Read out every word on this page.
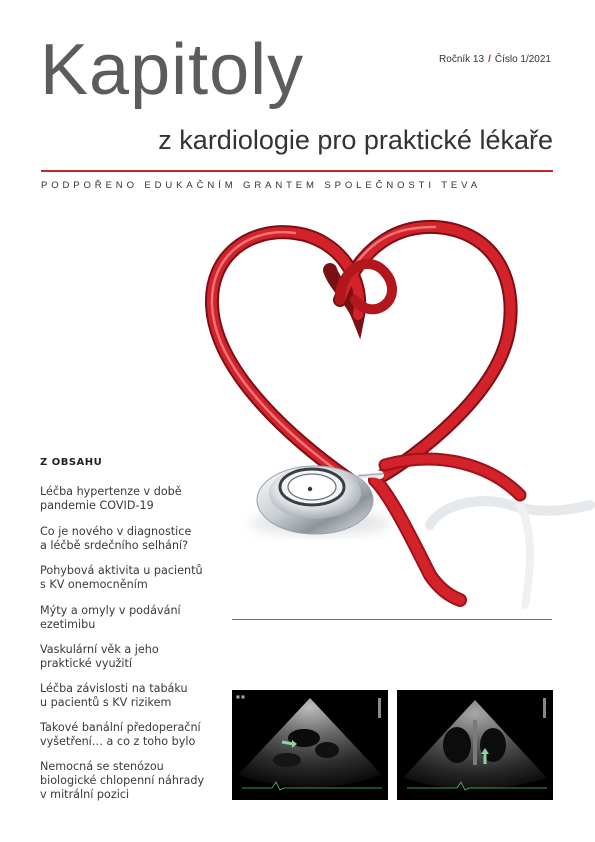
Kapitoly	Ročník 13 / Číslo 1/2021
z kardiologie pro praktické lékaře
PODPOŘENO EDUKAČNÍM GRANTEM SPOLEČNOSTI TEVA
Z OBSAHU
Léčba hypertenze v době
pandemie COVID-19
Co je nového v diagnostice
a léčbě srdečního selhání?
Pohybová aktivita u pacientů
s KV onemocněním
Mýty a omyly v podávání
ezetimibu
Vaskulární věk a jeho
praktické využití
Léčba závislosti na tabáku
u pacientů s KV rizikem
Takové banální předoperační
vyšetření… a co z toho bylo
Nemocná se stenózou
biologické chlopenní náhrady
v mitrální pozici
■ ■
